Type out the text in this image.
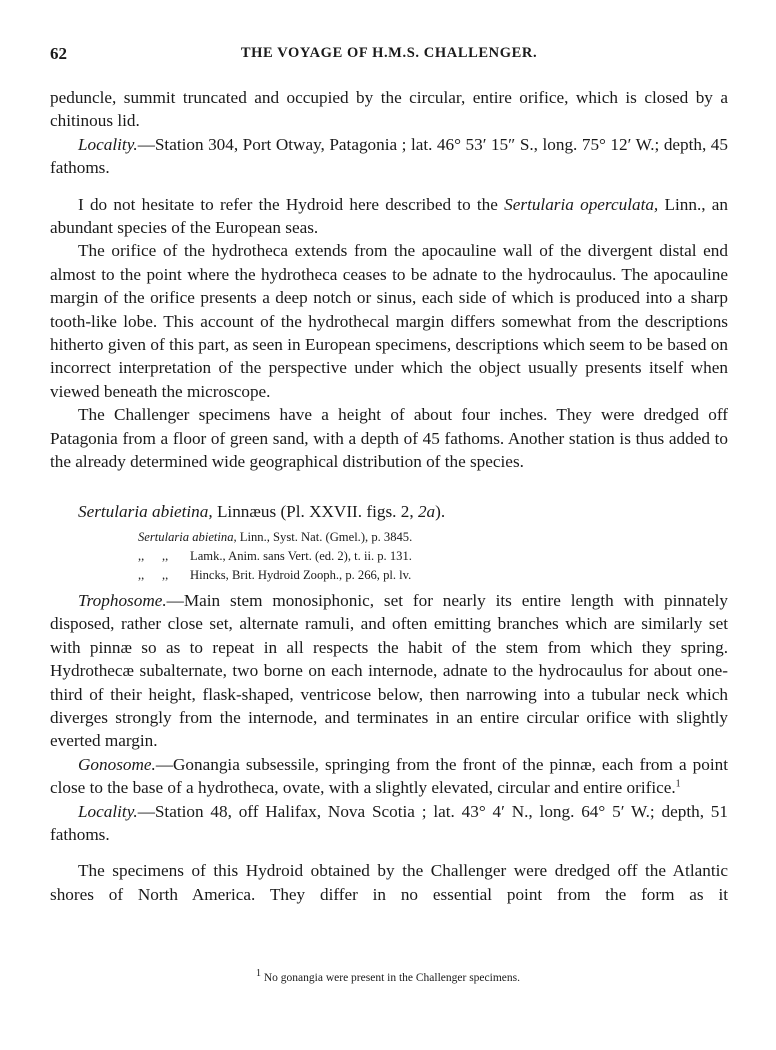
62	THE VOYAGE OF H.M.S. CHALLENGER.

peduncle, summit truncated and occupied by the circular, entire orifice, which is closed by a chitinous lid.

Locality.—Station 304, Port Otway, Patagonia ; lat. 46° 53′ 15″ S., long. 75° 12′ W.; depth, 45 fathoms.

I do not hesitate to refer the Hydroid here described to the Sertularia operculata, Linn., an abundant species of the European seas.

The orifice of the hydrotheca extends from the apocauline wall of the divergent distal end almost to the point where the hydrotheca ceases to be adnate to the hydrocaulus. The apocauline margin of the orifice presents a deep notch or sinus, each side of which is produced into a sharp tooth-like lobe. This account of the hydrothecal margin differs somewhat from the descriptions hitherto given of this part, as seen in European specimens, descriptions which seem to be based on incorrect interpretation of the perspective under which the object usually presents itself when viewed beneath the microscope.

The Challenger specimens have a height of about four inches. They were dredged off Patagonia from a floor of green sand, with a depth of 45 fathoms. Another station is thus added to the already determined wide geographical distribution of the species.

Sertularia abietina, Linnæus (Pl. XXVII. figs. 2, 2a).
Sertularia abietina, Linn., Syst. Nat. (Gmel.), p. 3845.
,, ,, Lamk., Anim. sans Vert. (ed. 2), t. ii. p. 131.
,, ,, Hincks, Brit. Hydroid Zooph., p. 266, pl. lv.

Trophosome.—Main stem monosiphonic, set for nearly its entire length with pinnately disposed, rather close set, alternate ramuli, and often emitting branches which are similarly set with pinnæ so as to repeat in all respects the habit of the stem from which they spring. Hydrothecæ subalternate, two borne on each internode, adnate to the hydrocaulus for about one-third of their height, flask-shaped, ventricose below, then narrowing into a tubular neck which diverges strongly from the internode, and terminates in an entire circular orifice with slightly everted margin.

Gonosome.—Gonangia subsessile, springing from the front of the pinnæ, each from a point close to the base of a hydrotheca, ovate, with a slightly elevated, circular and entire orifice.$^1$

Locality.—Station 48, off Halifax, Nova Scotia ; lat. 43° 4′ N., long. 64° 5′ W.; depth, 51 fathoms.

The specimens of this Hydroid obtained by the Challenger were dredged off the Atlantic shores of North America. They differ in no essential point from the form as it

1 No gonangia were present in the Challenger specimens.
